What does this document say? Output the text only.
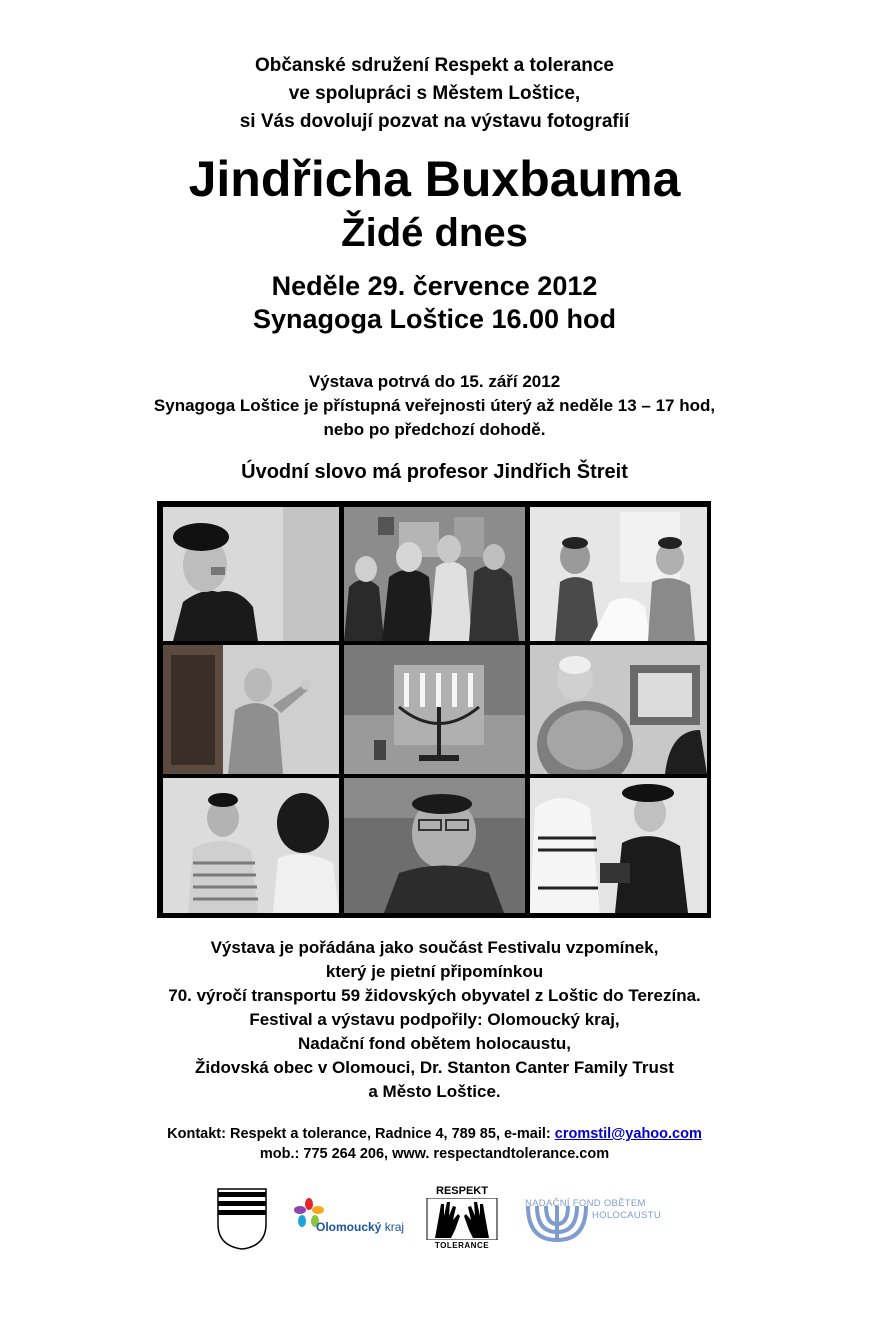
Občanské sdružení Respekt a tolerance
ve spolupráci s Městem Loštice,
si Vás dovolují pozvat na výstavu fotografií
Jindřicha Buxbauma
Židé dnes
Neděle 29. července 2012
Synagoga Loštice 16.00 hod
Výstava potrvá do 15. září 2012
Synagoga Loštice je přístupná veřejnosti úterý až neděle 13 – 17 hod,
nebo po předchozí dohodě.
Úvodní slovo má profesor Jindřich Štreit
Výstava je pořádána jako součást Festivalu vzpomínek,
který je pietní připomínkou
70. výročí transportu 59 židovských obyvatel z Loštic do Terezína.
Festival a výstavu podpořily: Olomoucký kraj,
Nadační fond obětem holocaustu,
Židovská obec v Olomouci, Dr. Stanton Canter Family Trust
a Město Loštice.
Kontakt: Respekt a tolerance, Radnice 4, 789 85, e-mail: cromstil@yahoo.com
mob.: 775 264 206, www. respectandtolerance.com
Olomoucký kraj
RESPEKT
TOLERANCE
NADAČNÍ FOND OBĚTEM
HOLOCAUSTU
